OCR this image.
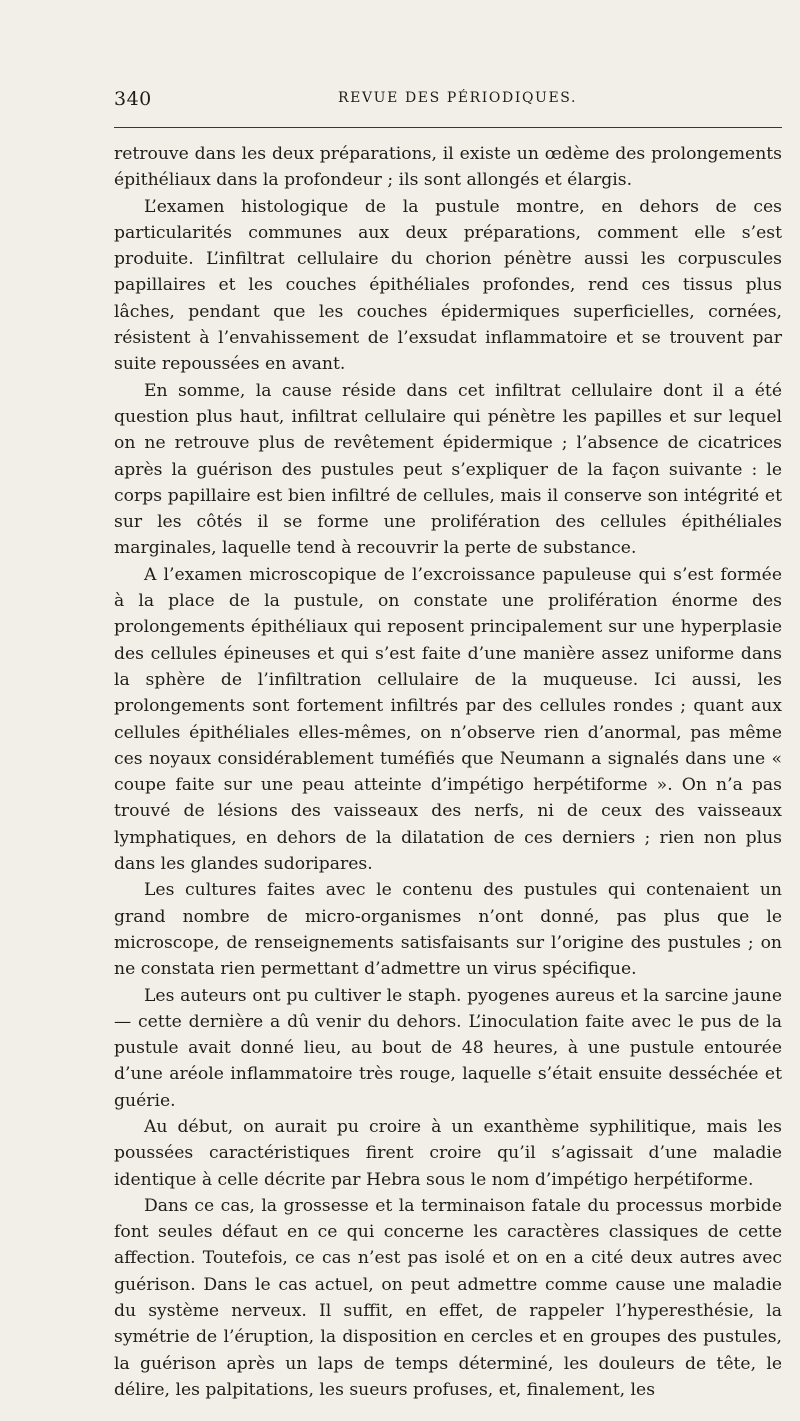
340	REVUE DES PÉRIODIQUES.

retrouve dans les deux préparations, il existe un œdème des prolongements épithéliaux dans la profondeur ; ils sont allongés et élargis.

L’examen histologique de la pustule montre, en dehors de ces particularités communes aux deux préparations, comment elle s’est produite. L’infiltrat cellulaire du chorion pénètre aussi les corpuscules papillaires et les couches épithéliales profondes, rend ces tissus plus lâches, pendant que les couches épidermiques superficielles, cornées, résistent à l’envahissement de l’exsudat inflammatoire et se trouvent par suite repoussées en avant.

En somme, la cause réside dans cet infiltrat cellulaire dont il a été question plus haut, infiltrat cellulaire qui pénètre les papilles et sur lequel on ne retrouve plus de revêtement épidermique ; l’absence de cicatrices après la guérison des pustules peut s’expliquer de la façon suivante : le corps papillaire est bien infiltré de cellules, mais il conserve son intégrité et sur les côtés il se forme une prolifération des cellules épithéliales marginales, laquelle tend à recouvrir la perte de substance.

A l’examen microscopique de l’excroissance papuleuse qui s’est formée à la place de la pustule, on constate une prolifération énorme des prolongements épithéliaux qui reposent principalement sur une hyperplasie des cellules épineuses et qui s’est faite d’une manière assez uniforme dans la sphère de l’infiltration cellulaire de la muqueuse. Ici aussi, les prolongements sont fortement infiltrés par des cellules rondes ; quant aux cellules épithéliales elles-mêmes, on n’observe rien d’anormal, pas même ces noyaux considérablement tuméfiés que Neumann a signalés dans une « coupe faite sur une peau atteinte d’impétigo herpétiforme ». On n’a pas trouvé de lésions des vaisseaux des nerfs, ni de ceux des vaisseaux lymphatiques, en dehors de la dilatation de ces derniers ; rien non plus dans les glandes sudoripares.

Les cultures faites avec le contenu des pustules qui contenaient un grand nombre de micro-organismes n’ont donné, pas plus que le microscope, de renseignements satisfaisants sur l’origine des pustules ; on ne constata rien permettant d’admettre un virus spécifique.

Les auteurs ont pu cultiver le staph. pyogenes aureus et la sarcine jaune — cette dernière a dû venir du dehors. L’inoculation faite avec le pus de la pustule avait donné lieu, au bout de 48 heures, à une pustule entourée d’une aréole inflammatoire très rouge, laquelle s’était ensuite desséchée et guérie.

Au début, on aurait pu croire à un exanthème syphilitique, mais les poussées caractéristiques firent croire qu’il s’agissait d’une maladie identique à celle décrite par Hebra sous le nom d’impétigo herpétiforme.

Dans ce cas, la grossesse et la terminaison fatale du processus morbide font seules défaut en ce qui concerne les caractères classiques de cette affection. Toutefois, ce cas n’est pas isolé et on en a cité deux autres avec guérison. Dans le cas actuel, on peut admettre comme cause une maladie du système nerveux. Il suffit, en effet, de rappeler l’hyperesthésie, la symétrie de l’éruption, la disposition en cercles et en groupes des pustules, la guérison après un laps de temps déterminé, les douleurs de tête, le délire, les palpitations, les sueurs profuses, et, finalement, les
